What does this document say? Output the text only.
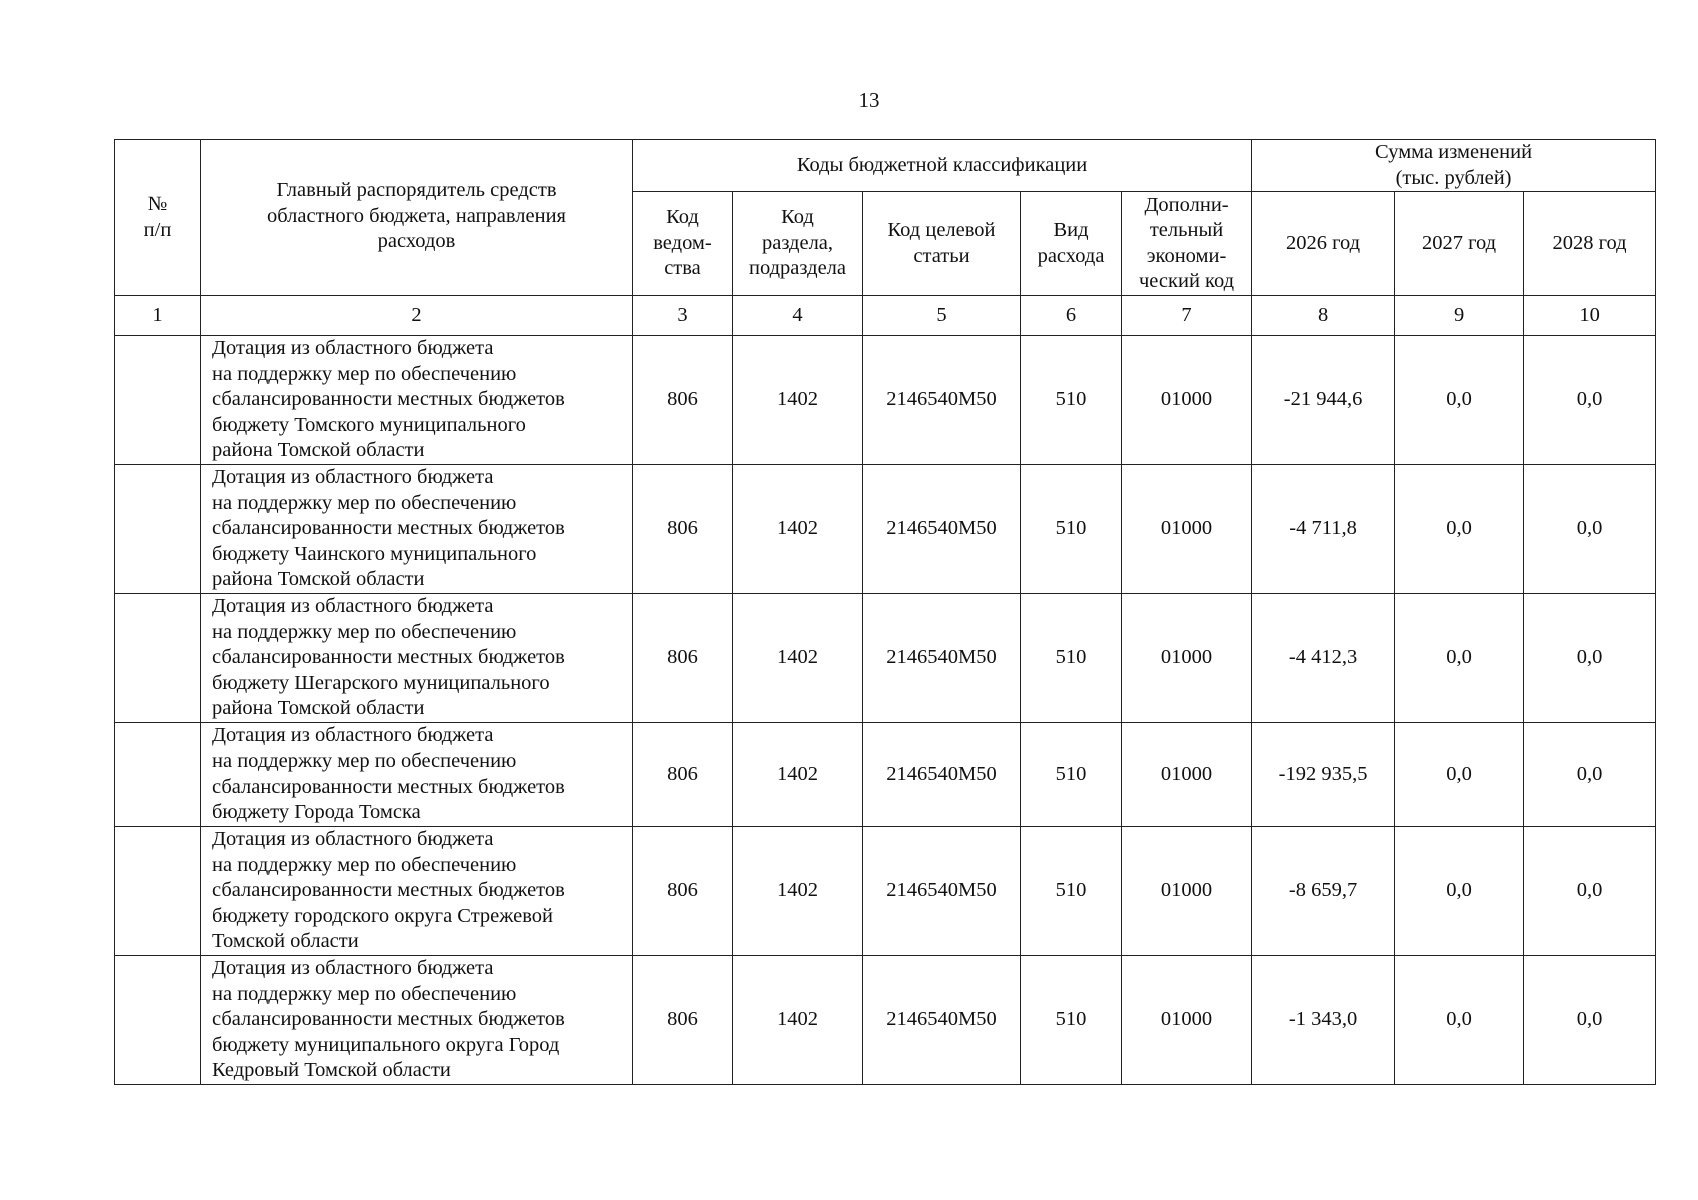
13
№
п/п	Главный распорядитель средств областного бюджета, направления расходов	Коды бюджетной классификации					Сумма изменений
(тыс. рублей)		
		Код
ведом-
ства	Код
раздела,
подраздела	Код целевой
статьи	Вид
расхода	Дополни-
тельный
экономи-
ческий код	2026 год	2027 год	2028 год
1	2	3	4	5	6	7	8	9	10
	Дотация из областного бюджета
на поддержку мер по обеспечению
сбалансированности местных бюджетов
бюджету Томского муниципального
района Томской области	806	1402	2146540М50	510	01000	-21 944,6	0,0	0,0
	Дотация из областного бюджета
на поддержку мер по обеспечению
сбалансированности местных бюджетов
бюджету Чаинского муниципального
района Томской области	806	1402	2146540М50	510	01000	-4 711,8	0,0	0,0
	Дотация из областного бюджета
на поддержку мер по обеспечению
сбалансированности местных бюджетов
бюджету Шегарского муниципального
района Томской области	806	1402	2146540М50	510	01000	-4 412,3	0,0	0,0
	Дотация из областного бюджета
на поддержку мер по обеспечению
сбалансированности местных бюджетов
бюджету Города Томска	806	1402	2146540М50	510	01000	-192 935,5	0,0	0,0
	Дотация из областного бюджета
на поддержку мер по обеспечению
сбалансированности местных бюджетов
бюджету городского округа Стрежевой
Томской области	806	1402	2146540М50	510	01000	-8 659,7	0,0	0,0
	Дотация из областного бюджета
на поддержку мер по обеспечению
сбалансированности местных бюджетов
бюджету муниципального округа Город
Кедровый Томской области	806	1402	2146540М50	510	01000	-1 343,0	0,0	0,0
